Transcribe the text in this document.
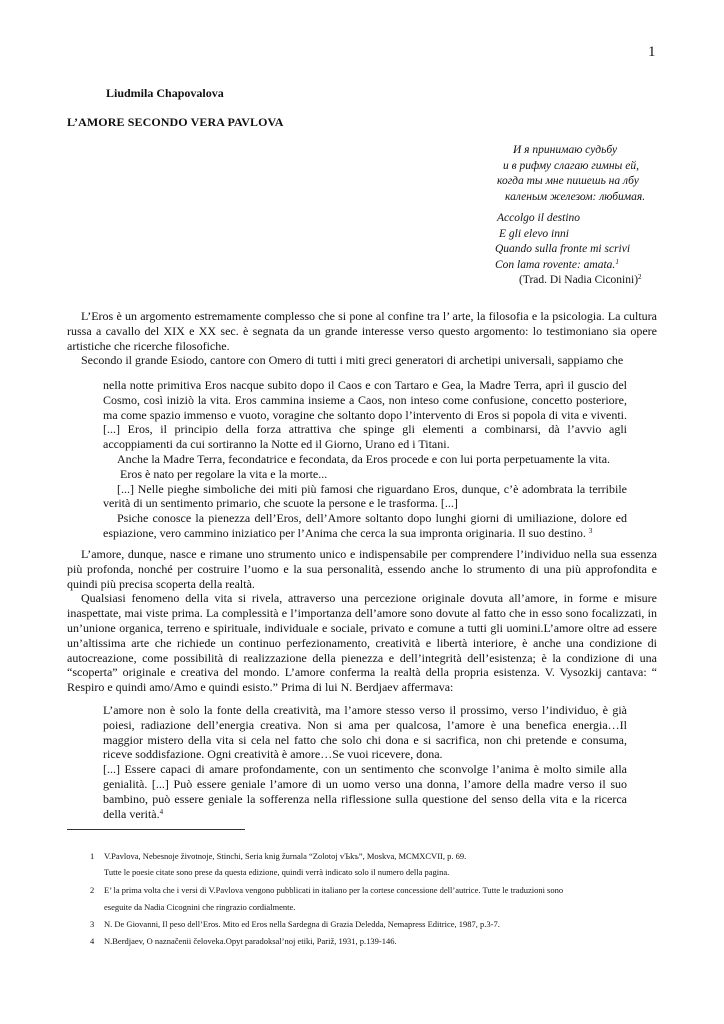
1
Liudmila Chapovalova
L’AMORE SECONDO VERA PAVLOVA
И я принимаю судьбу
и в рифму слагаю гимны ей,
когда ты мне пишешь на лбу
каленым железом: любимая.
Accolgo il destino
E gli elevo inni
Quando sulla fronte mi scrivi
Con lama rovente: amata.$^1$
(Trad. Di Nadia Ciconini)$^2$

L’Eros è un argomento estremamente complesso che si pone al confine tra l’ arte, la filosofia e la psicologia. La cultura russa a cavallo del XIX e XX sec. è segnata da un grande interesse verso questo argomento: lo testimoniano sia opere artistiche che ricerche filosofiche.

Secondo il grande Esiodo, cantore con Omero di tutti i miti greci generatori di archetipi universali, sappiamo che

nella notte primitiva Eros nacque subito dopo il Caos e con Tartaro e Gea, la Madre Terra, aprì il guscio del Cosmo, così iniziò la vita. Eros cammina insieme a Caos, non inteso come confusione, concetto posteriore, ma come spazio immenso e vuoto, voragine che soltanto dopo l’intervento di Eros si popola di vita e viventi.[...] Eros, il principio della forza attrattiva che spinge gli elementi a combinarsi, dà l’avvio agli accoppiamenti da cui sortiranno la Notte ed il Giorno, Urano ed i Titani.

Anche la Madre Terra, fecondatrice e fecondata, da Eros procede e con lui porta perpetuamente la vita.

Eros è nato per regolare la vita e la morte...

[...] Nelle pieghe simboliche dei miti più famosi che riguardano Eros, dunque, c’è adombrata la terribile verità di un sentimento primario, che scuote la persone e le trasforma. [...]

Psiche conosce la pienezza dell’Eros, dell’Amore soltanto dopo lunghi giorni di umiliazione, dolore ed espiazione, vero cammino iniziatico per l’Anima che cerca la sua impronta originaria. Il suo destino. $^3$

L’amore, dunque, nasce e rimane uno strumento unico e indispensabile per comprendere l’individuo nella sua essenza più profonda, nonché per costruire l’uomo e la sua personalità, essendo anche lo strumento di una più approfondita e quindi più precisa scoperta della realtà.

Qualsiasi fenomeno della vita si rivela, attraverso una percezione originale dovuta all’amore, in forme e misure inaspettate, mai viste prima. La complessità e l’importanza dell’amore sono dovute al fatto che in esso sono focalizzati, in un’unione organica, terreno e spirituale, individuale e sociale, privato e comune a tutti gli uomini.L’amore oltre ad essere un’altissima arte che richiede un continuo perfezionamento, creatività e libertà interiore, è anche una condizione di autocreazione, come possibilità di realizzazione della pienezza e dell’integrità dell’esistenza; è la condizione di una “scoperta” originale e creativa del mondo. L’amore conferma la realtà della propria esistenza. V. Vysozkij cantava: “ Respiro e quindi amo/Amo e quindi esisto.” Prima di lui N. Berdjaev affermava:

L’amore non è solo la fonte della creatività, ma l’amore stesso verso il prossimo, verso l’individuo, è già poiesi, radiazione dell’energia creativa. Non si ama per qualcosa, l’amore è una benefica energia…Il maggior mistero della vita si cela nel fatto che solo chi dona e si sacrifica, non chi pretende e consuma, riceve soddisfazione. Ogni creatività è amore…Se vuoi ricevere, dona.

[...] Essere capaci di amare profondamente, con un sentimento che sconvolge l’anima è molto simile alla genialità. [...] Può essere geniale l’amore di un uomo verso una donna, l’amore della madre verso il suo bambino, può essere geniale la sofferenza nella riflessione sulla questione del senso della vita e la ricerca della verità.$^4$

1 V.Pavlova, Nebesnoje životnoje, Stinchi, Seria knig žurnala “Zolotoj vЪkъ”, Moskva, MCMXCVII, p. 69.
Tutte le poesie citate sono prese da questa edizione, quindi verrà indicato solo il numero della pagina.
2 E’ la prima volta che i versi di V.Pavlova vengono pubblicati in italiano per la cortese concessione dell’autrice. Tutte le traduzioni sono
eseguite da Nadia Cicognini che ringrazio cordialmente.
3 N. De Giovanni, Il peso dell’Eros. Mito ed Eros nella Sardegna di Grazia Deledda, Nemapress Editrice, 1987, p.3-7.
4 N.Berdjaev, O naznačenii čeloveka.Opyt paradoksal’noj etiki, Pariž, 1931, p.139-146.
